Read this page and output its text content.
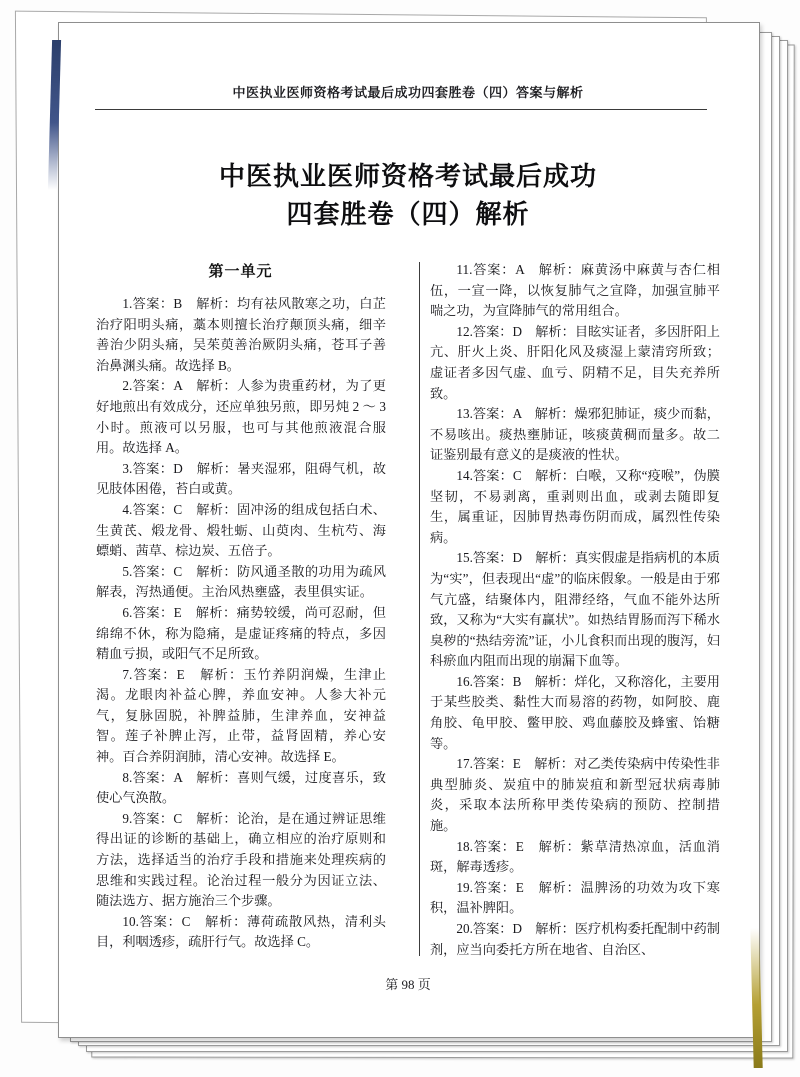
中医执业医师资格考试最后成功四套胜卷（四）答案与解析
中医执业医师资格考试最后成功
四套胜卷（四）解析
第一单元

1.答案：B　解析：均有祛风散寒之功，白芷治疗阳明头痛，藁本则擅长治疗颠顶头痛，细辛善治少阴头痛，吴茱萸善治厥阴头痛，苍耳子善治鼻渊头痛。故选择 B。

2.答案：A　解析：人参为贵重药材，为了更好地煎出有效成分，还应单独另煎，即另炖 2 ～ 3 小时。煎液可以另服，也可与其他煎液混合服用。故选择 A。

3.答案：D　解析：暑夹湿邪，阻碍气机，故见肢体困倦，苔白或黄。

4.答案：C　解析：固冲汤的组成包括白术、生黄芪、煅龙骨、煅牡蛎、山萸肉、生杭芍、海螵蛸、茜草、棕边炭、五倍子。

5.答案：C　解析：防风通圣散的功用为疏风解表，泻热通便。主治风热壅盛，表里俱实证。

6.答案：E　解析：痛势较缓，尚可忍耐，但绵绵不休，称为隐痛，是虚证疼痛的特点，多因精血亏损，或阳气不足所致。

7.答案：E　解析：玉竹养阴润燥，生津止渴。龙眼肉补益心脾，养血安神。人参大补元气，复脉固脱，补脾益肺，生津养血，安神益智。莲子补脾止泻，止带，益肾固精，养心安神。百合养阴润肺，清心安神。故选择 E。

8.答案：A　解析：喜则气缓，过度喜乐，致使心气涣散。

9.答案：C　解析：论治，是在通过辨证思维得出证的诊断的基础上，确立相应的治疗原则和方法，选择适当的治疗手段和措施来处理疾病的思维和实践过程。论治过程一般分为因证立法、随法选方、据方施治三个步骤。

10.答案：C　解析：薄荷疏散风热，清利头目，利咽透疹，疏肝行气。故选择 C。

11.答案：A　解析：麻黄汤中麻黄与杏仁相伍，一宣一降，以恢复肺气之宣降，加强宣肺平喘之功，为宣降肺气的常用组合。

12.答案：D　解析：目眩实证者，多因肝阳上亢、肝火上炎、肝阳化风及痰湿上蒙清窍所致；虚证者多因气虚、血亏、阴精不足，目失充养所致。

13.答案：A　解析：燥邪犯肺证，痰少而黏，不易咳出。痰热壅肺证，咳痰黄稠而量多。故二证鉴别最有意义的是痰液的性状。

14.答案：C　解析：白喉，又称“疫喉”，伪膜坚韧，不易剥离，重剥则出血，或剥去随即复生，属重证，因肺胃热毒伤阴而成，属烈性传染病。

15.答案：D　解析：真实假虚是指病机的本质为“实”，但表现出“虚”的临床假象。一般是由于邪气亢盛，结聚体内，阻滞经络，气血不能外达所致，又称为“大实有赢状”。如热结胃肠而泻下稀水臭秽的“热结旁流”证，小儿食积而出现的腹泻，妇科瘀血内阻而出现的崩漏下血等。

16.答案：B　解析：烊化，又称溶化，主要用于某些胶类、黏性大而易溶的药物，如阿胶、鹿角胶、龟甲胶、鳖甲胶、鸡血藤胶及蜂蜜、饴糖等。

17.答案：E　解析：对乙类传染病中传染性非典型肺炎、炭疽中的肺炭疽和新型冠状病毒肺炎，采取本法所称甲类传染病的预防、控制措施。

18.答案：E　解析：紫草清热凉血，活血消斑，解毒透疹。

19.答案：E　解析：温脾汤的功效为攻下寒积，温补脾阳。

20.答案：D　解析：医疗机构委托配制中药制剂，应当向委托方所在地省、自治区、

第 98 页
